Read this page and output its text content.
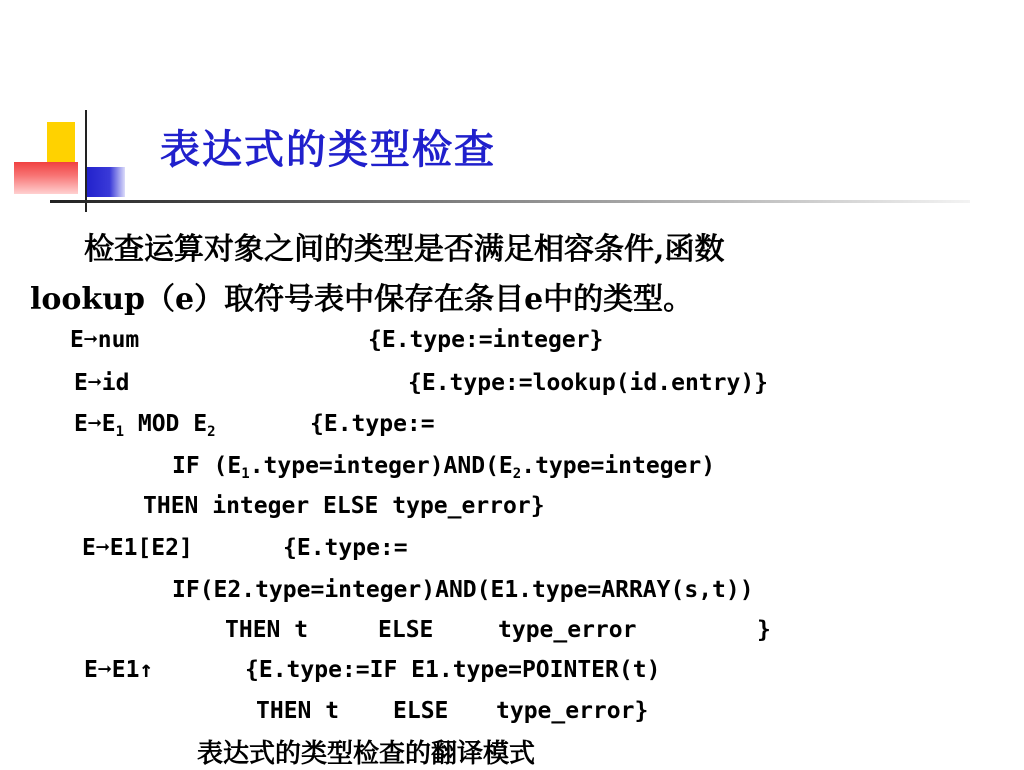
表达式的类型检查
检查运算对象之间的类型是否满足相容条件,函数
lookup（e）取符号表中保存在条目e中的类型。
E➞num	{E.type:=integer}
E➞id	{E.type:=lookup(id.entry)}
$E➞E_1$ MOD $E_2$	{E.type:=
IF $(E_1.type=integer)AND(E_2.type=integer)$
THEN integer ELSE type_error}
E➞E1[E2]	{E.type:=
IF(E2.type=integer)AND(E1.type=ARRAY(s,t))
THEN t	ELSE	type_error	}
E➞E1↑	{E.type:=IF E1.type=POINTER(t)
THEN t ELSE type_error}
表达式的类型检查的翻译模式
